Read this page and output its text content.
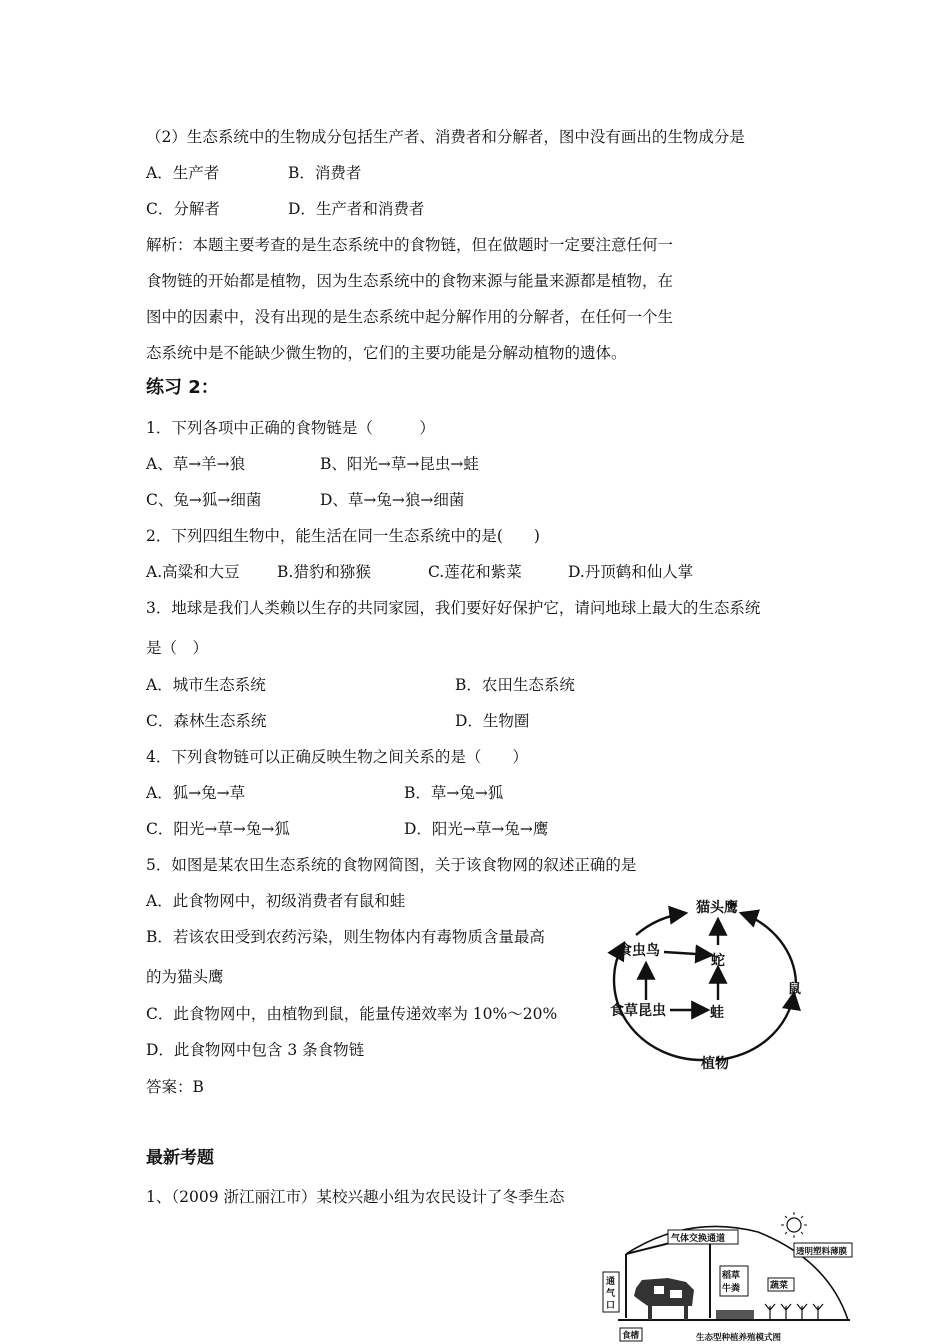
（2）生态系统中的生物成分包括生产者、消费者和分解者，图中没有画出的生物成分是
A．生产者	B．消费者
C．分解者	D．生产者和消费者
解析：本题主要考查的是生态系统中的食物链，但在做题时一定要注意任何一
食物链的开始都是植物，因为生态系统中的食物来源与能量来源都是植物，在
图中的因素中，没有出现的是生态系统中起分解作用的分解者，在任何一个生
态系统中是不能缺少微生物的，它们的主要功能是分解动植物的遗体。
练习 2：
1．下列各项中正确的食物链是（　　　）
A、草→羊→狼	B、阳光→草→昆虫→蛙
C、兔→狐→细菌	D、草→兔→狼→细菌
2．下列四组生物中，能生活在同一生态系统中的是(　　)
A.高粱和大豆 B.猎豹和猕猴	C.莲花和紫菜	D.丹顶鹤和仙人掌
3．地球是我们人类赖以生存的共同家园，我们要好好保护它，请问地球上最大的生态系统
是（　）
A．城市生态系统	B．农田生态系统
C．森林生态系统	D．生物圈
4．下列食物链可以正确反映生物之间关系的是（　　）
A．狐→兔→草	B．草→兔→狐
C．阳光→草→兔→狐	D．阳光→草→兔→鹰
5．如图是某农田生态系统的食物网简图，关于该食物网的叙述正确的是
A．此食物网中，初级消费者有鼠和蛙
B．若该农田受到农药污染，则生物体内有毒物质含量最高
的为猫头鹰
C．此食物网中，由植物到鼠，能量传递效率为 10%～20%
D．此食物网中包含 3 条食物链
答案：B
猫头鹰
食虫鸟
蛇
食草昆虫	蛙
鼠
植物
最新考题
1、（2009 浙江丽江市）某校兴趣小组为农民设计了冬季生态
气体交换通道
透明塑料薄膜
通
气
口
稻草
牛粪	蔬菜
食槽	生态型种植养殖模式图
